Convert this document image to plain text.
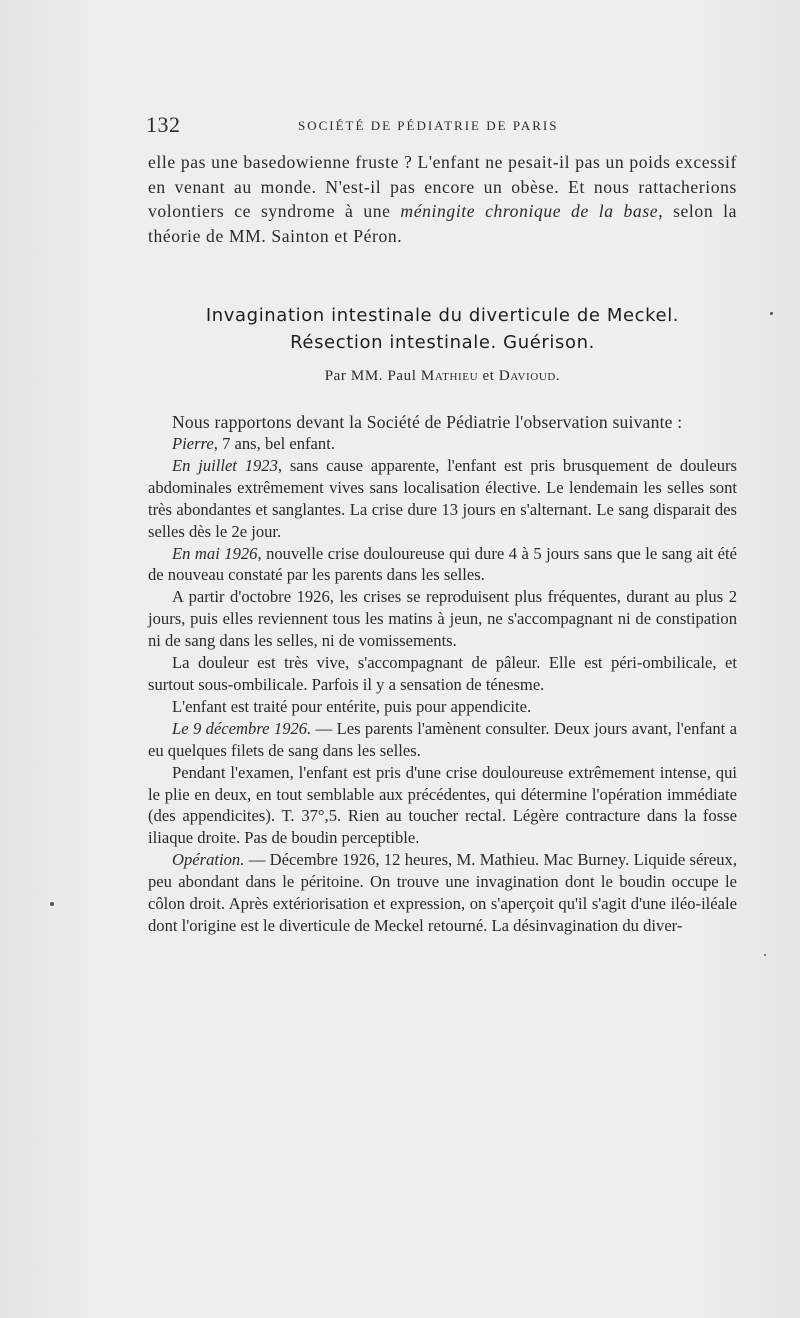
132	SOCIÉTÉ DE PÉDIATRIE DE PARIS

elle pas une basedowienne fruste ? L'enfant ne pesait-il pas un poids excessif en venant au monde. N'est-il pas encore un obèse. Et nous rattacherions volontiers ce syndrome à une méningite chronique de la base, selon la théorie de MM. Sainton et Péron.

Invagination intestinale du diverticule de Meckel.
Résection intestinale. Guérison.
Par MM. Paul Mathieu et Davioud.

Nous rapportons devant la Société de Pédiatrie l'observation suivante :

Pierre, 7 ans, bel enfant.

En juillet 1923, sans cause apparente, l'enfant est pris brusquement de douleurs abdominales extrêmement vives sans localisation élective. Le lendemain les selles sont très abondantes et sanglantes. La crise dure 13 jours en s'alternant. Le sang disparait des selles dès le 2e jour.

En mai 1926, nouvelle crise douloureuse qui dure 4 à 5 jours sans que le sang ait été de nouveau constaté par les parents dans les selles.

A partir d'octobre 1926, les crises se reproduisent plus fréquentes, durant au plus 2 jours, puis elles reviennent tous les matins à jeun, ne s'accompagnant ni de constipation ni de sang dans les selles, ni de vomissements.

La douleur est très vive, s'accompagnant de pâleur. Elle est péri-ombilicale, et surtout sous-ombilicale. Parfois il y a sensation de ténesme.

L'enfant est traité pour entérite, puis pour appendicite.

Le 9 décembre 1926. — Les parents l'amènent consulter. Deux jours avant, l'enfant a eu quelques filets de sang dans les selles.

Pendant l'examen, l'enfant est pris d'une crise douloureuse extrêmement intense, qui le plie en deux, en tout semblable aux précédentes, qui détermine l'opération immédiate (des appendicites). T. 37°,5. Rien au toucher rectal. Légère contracture dans la fosse iliaque droite. Pas de boudin perceptible.

Opération. — Décembre 1926, 12 heures, M. Mathieu. Mac Burney. Liquide séreux, peu abondant dans le péritoine. On trouve une invagination dont le boudin occupe le côlon droit. Après extériorisation et expression, on s'aperçoit qu'il s'agit d'une iléo-iléale dont l'origine est le diverticule de Meckel retourné. La désinvagination du diver-
